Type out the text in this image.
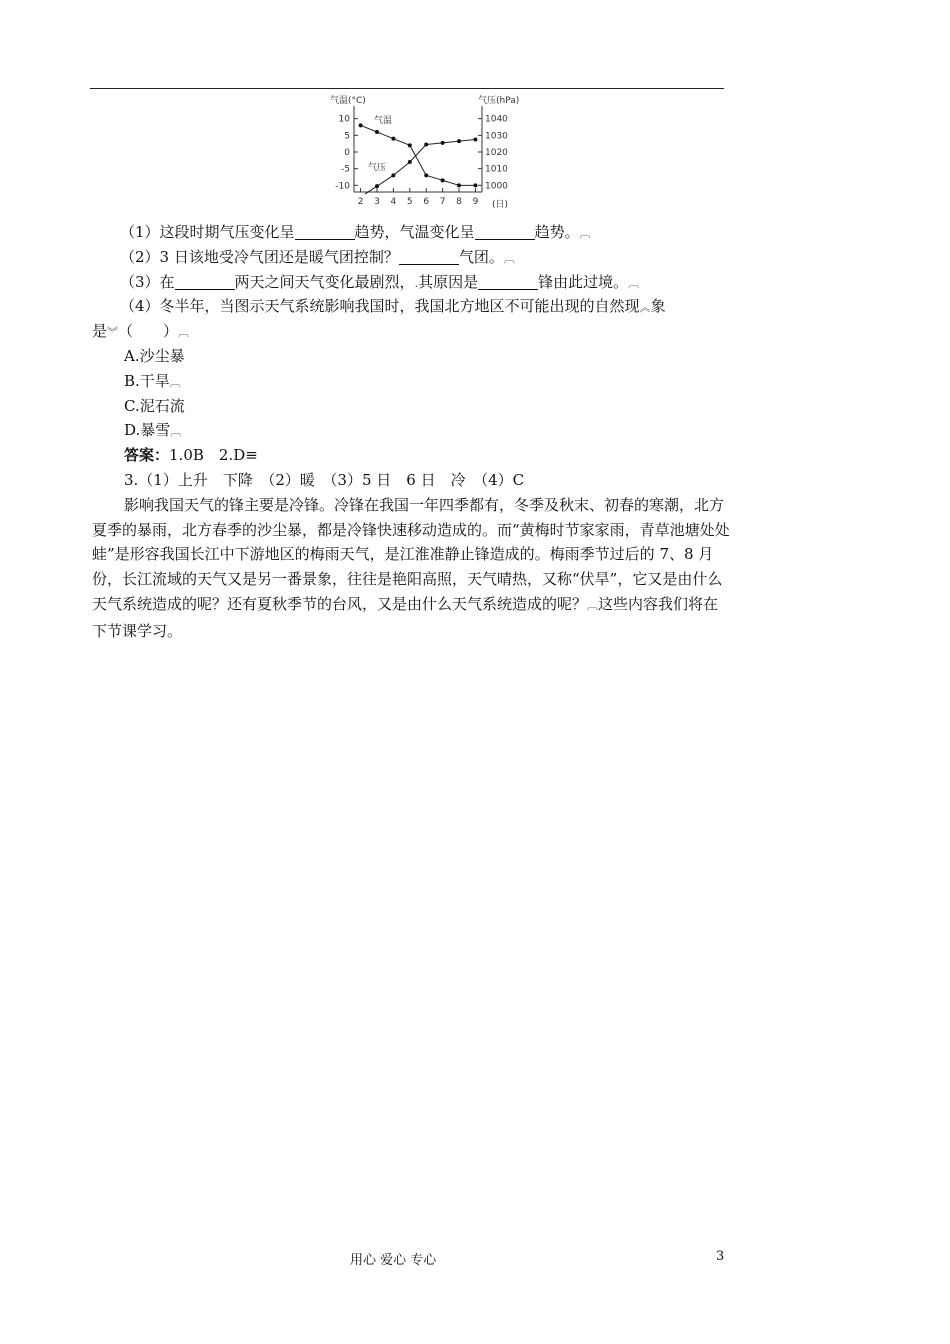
气温(°C)	气压(hPa)
10
5
0
-5
-10
1040
1030
1020
1010
1000
2 3 4 5 6 7 8 9
气温
气压
(日)
（1）这段时期气压变化呈	趋势，气温变化呈	趋势。︹
（2）3 日该地受冷气团还是暖气团控制？	气团。︹
（3）在	两天之间天气变化最剧烈，.其原因是	锋由此过境。︹
（4）冬半年，当图示天气系统影响我国时，我国北方地区不可能出现的自然现︽象
是︾（　　）︹
A.沙尘暴
B.干旱︹
C.泥石流
D.暴雪︹
答案：1.0B　2.D≡
3.（1）上升　下降　（2）暖　（3）5 日　6 日　冷　（4）C
影响我国天气的锋主要是冷锋。冷锋在我国一年四季都有，冬季及秋末、初春的寒潮，北方夏季的暴雨，北方春季的沙尘暴，都是冷锋快速移动造成的。而“黄梅时节家家雨，青草池塘处处蛙”是形容我国长江中下游地区的梅雨天气，是江淮准静止锋造成的。梅雨季节过后的 7、8 月份，长江流域的天气又是另一番景象，往往是艳阳高照，天气晴热，又称“伏旱”，它又是由什么天气系统造成的呢？还有夏秋季节的台风，又是由什么天气系统造成的呢？︹这些内容我们将在下节课学习。
用心 爱心 专心	3
